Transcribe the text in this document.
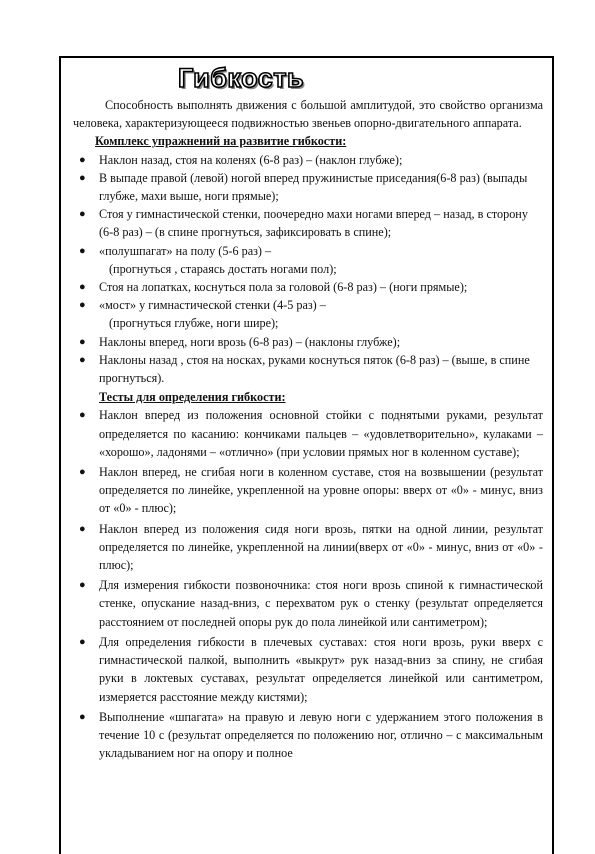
Гибкость

Способность выполнять движения с большой амплитудой, это свойство организма человека, характеризующееся подвижностью звеньев опорно-двигательного аппарата.

Комплекс упражнений на развитие гибкости:

● Наклон назад, стоя на коленях (6-8 раз) – (наклон глубже);
● В выпаде правой (левой) ногой вперед пружинистые приседания(6-8 раз) (выпады глубже, махи выше, ноги прямые);
● Стоя у гимнастической стенки, поочередно махи ногами вперед – назад, в сторону (6-8 раз) – (в спине прогнуться, зафиксировать в спине);
● «полушпагат» на полу (5-6 раз) –
(прогнуться , стараясь достать ногами пол);
● Стоя на лопатках, коснуться пола за головой (6-8 раз) – (ноги прямые);
● «мост» у гимнастической стенки (4-5 раз) –
(прогнуться глубже, ноги шире);
● Наклоны вперед, ноги врозь (6-8 раз) – (наклоны глубже);
● Наклоны назад , стоя на носках, руками коснуться пяток (6-8 раз) – (выше, в спине прогнуться).

Тесты для определения гибкости:

● Наклон вперед из положения основной стойки с поднятыми руками, результат определяется по касанию: кончиками пальцев – «удовлетворительно», кулаками – «хорошо», ладонями – «отлично» (при условии прямых ног в коленном суставе);
● Наклон вперед, не сгибая ноги в коленном суставе, стоя на возвышении (результат определяется по линейке, укрепленной на уровне опоры: вверх от «0» - минус, вниз от «0» - плюс);
● Наклон вперед из положения сидя ноги врозь, пятки на одной линии, результат определяется по линейке, укрепленной на линии(вверх от «0» - минус, вниз от «0» - плюс);
● Для измерения гибкости позвоночника: стоя ноги врозь спиной к гимнастической стенке, опускание назад-вниз, с перехватом рук о стенку (результат определяется расстоянием от последней опоры рук до пола линейкой или сантиметром);
● Для определения гибкости в плечевых суставах: стоя ноги врозь, руки вверх с гимнастической палкой, выполнить «выкрут» рук назад-вниз за спину, не сгибая руки в локтевых суставах, результат определяется линейкой или сантиметром, измеряется расстояние между кистями);
● Выполнение «шпагата» на правую и левую ноги с удержанием этого положения в течение 10 с (результат определяется по положению ног, отлично – с максимальным укладыванием ног на опору и полное
